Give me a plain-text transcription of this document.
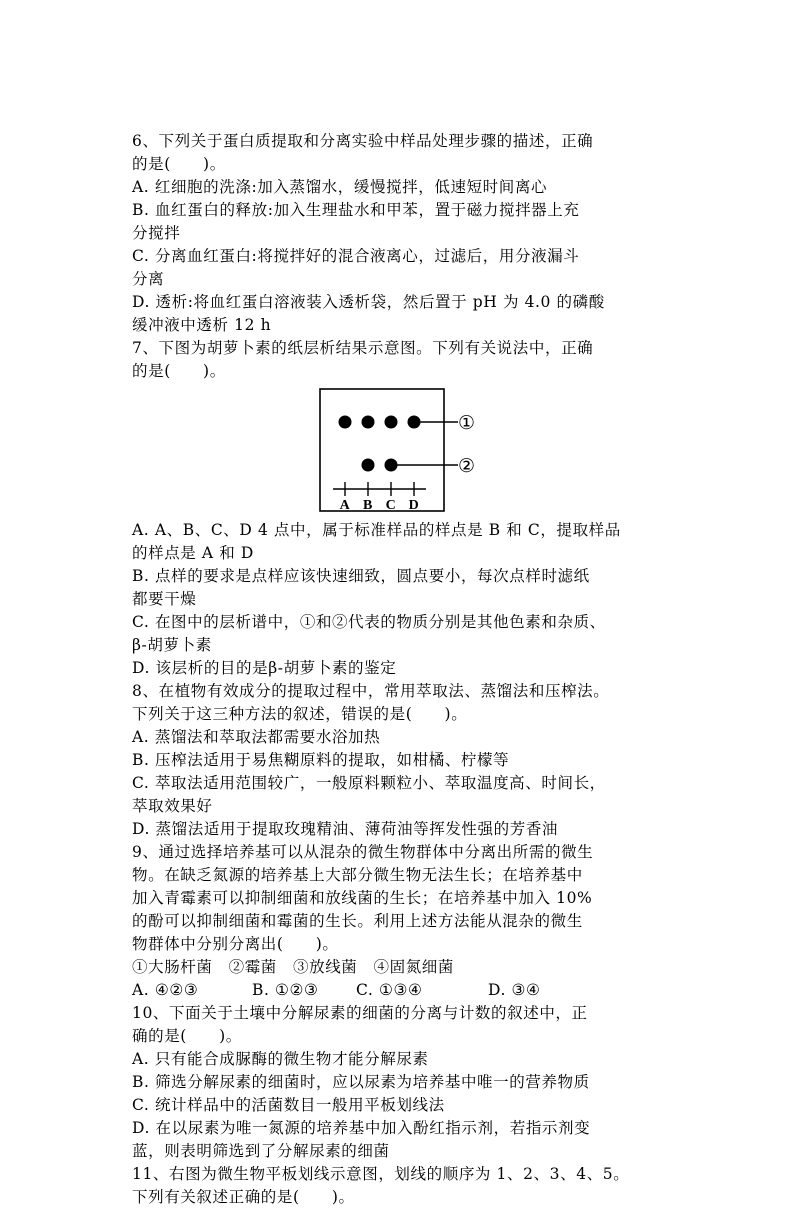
6、下列关于蛋白质提取和分离实验中样品处理步骤的描述，正确
的是(　　)。
A. 红细胞的洗涤:加入蒸馏水，缓慢搅拌，低速短时间离心
B. 血红蛋白的释放:加入生理盐水和甲苯，置于磁力搅拌器上充
分搅拌
C. 分离血红蛋白:将搅拌好的混合液离心，过滤后，用分液漏斗
分离
D. 透析:将血红蛋白溶液装入透析袋，然后置于 pH 为 4.0 的磷酸
缓冲液中透析 12 h
7、下图为胡萝卜素的纸层析结果示意图。下列有关说法中，正确
的是(　　)。
①
②
A B C D
A. A、B、C、D 4 点中，属于标准样品的样点是 B 和 C，提取样品
的样点是 A 和 D
B. 点样的要求是点样应该快速细致，圆点要小，每次点样时滤纸
都要干燥
C. 在图中的层析谱中，①和②代表的物质分别是其他色素和杂质、
β-胡萝卜素
D. 该层析的目的是β-胡萝卜素的鉴定
8、在植物有效成分的提取过程中，常用萃取法、蒸馏法和压榨法。
下列关于这三种方法的叙述，错误的是(　　)。
A. 蒸馏法和萃取法都需要水浴加热
B. 压榨法适用于易焦糊原料的提取，如柑橘、柠檬等
C. 萃取法适用范围较广，一般原料颗粒小、萃取温度高、时间长，
萃取效果好
D. 蒸馏法适用于提取玫瑰精油、薄荷油等挥发性强的芳香油
9、通过选择培养基可以从混杂的微生物群体中分离出所需的微生
物。在缺乏氮源的培养基上大部分微生物无法生长；在培养基中
加入青霉素可以抑制细菌和放线菌的生长；在培养基中加入 10%
的酚可以抑制细菌和霉菌的生长。利用上述方法能从混杂的微生
物群体中分别分离出(　　)。
①大肠杆菌　②霉菌　③放线菌　④固氮细菌
A. ④②③	B. ①②③ C. ①③④	D. ③④
10、下面关于土壤中分解尿素的细菌的分离与计数的叙述中，正
确的是(　　)。
A. 只有能合成脲酶的微生物才能分解尿素
B. 筛选分解尿素的细菌时，应以尿素为培养基中唯一的营养物质
C. 统计样品中的活菌数目一般用平板划线法
D. 在以尿素为唯一氮源的培养基中加入酚红指示剂，若指示剂变
蓝，则表明筛选到了分解尿素的细菌
11、右图为微生物平板划线示意图，划线的顺序为 1、2、3、4、5。
下列有关叙述正确的是(　　)。
